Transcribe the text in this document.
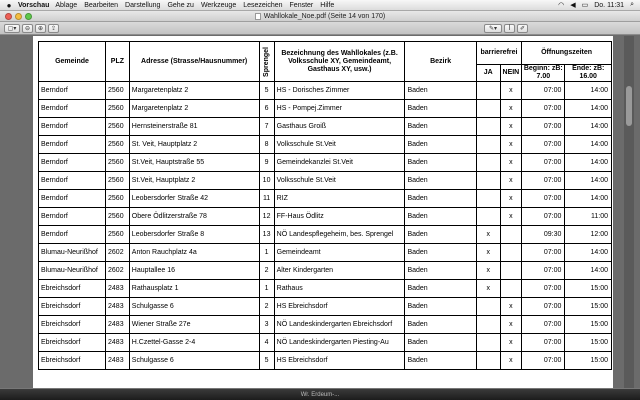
● Vorschau Ablage Bearbeiten Darstellung Gehe zu Werkzeuge Lesezeichen Fenster Hilfe	◠ ◀ ▭ Do. 11:31 ⌕
Wahllokale_Noe.pdf (Seite 14 von 170)
▢▾	⊖	⊕	⇪	✎▾	ꟾ	✐
Gemeinde	PLZ	Adresse (Strasse/Hausnummer)	Sprengel	Bezeichnung des Wahllokales (z.B. Volksschule XY, Gemeindeamt, Gasthaus XY, usw.)	Bezirk	barrierefrei		Öffnungszeiten	
						JA	NEIN	Beginn: zB: 7.00	Ende: zB: 16.00
Berndorf	2560	Margaretenplatz 2	5	HS - Dorisches Zimmer	Baden		x	07:00	14:00
Berndorf	2560	Margaretenplatz 2	6	HS - Pompej.Zimmer	Baden		x	07:00	14:00
Berndorf	2560	Hernsteinerstraße 81	7	Gasthaus Groiß	Baden		x	07:00	14:00
Berndorf	2560	St. Veit, Hauptplatz 2	8	Volksschule St.Veit	Baden		x	07:00	14:00
Berndorf	2560	St.Veit, Hauptstraße 55	9	Gemeindekanzlei St.Veit	Baden		x	07:00	14:00
Berndorf	2560	St.Veit, Hauptplatz 2	10	Volksschule St.Veit	Baden		x	07:00	14:00
Berndorf	2560	Leobersdorfer Straße 42	11	RIZ	Baden		x	07:00	14:00
Berndorf	2560	Obere Ödlitzerstraße 78	12	FF-Haus Ödlitz	Baden		x	07:00	11:00
Berndorf	2560	Leobersdorfer Straße 8	13	NÖ Landespflegeheim, bes. Sprengel	Baden	x		09:30	12:00
Blumau-Neurißhof	2602	Anton Rauchplatz 4a	1	Gemeindeamt	Baden	x		07:00	14:00
Blumau-Neurißhof	2602	Hauptallee 16	2	Alter Kindergarten	Baden	x		07:00	14:00
Ebreichsdorf	2483	Rathausplatz 1	1	Rathaus	Baden	x		07:00	15:00
Ebreichsdorf	2483	Schulgasse 6	2	HS Ebreichsdorf	Baden		x	07:00	15:00
Ebreichsdorf	2483	Wiener Straße 27e	3	NÖ Landeskindergarten Ebreichsdorf	Baden		x	07:00	15:00
Ebreichsdorf	2483	H.Czettel-Gasse 2-4	4	NÖ Landeskindergarten Piesting-Au	Baden		x	07:00	15:00
Ebreichsdorf	2483	Schulgasse 6	5	HS Ebreichsdorf	Baden		x	07:00	15:00
Wr. Erdeum-...
